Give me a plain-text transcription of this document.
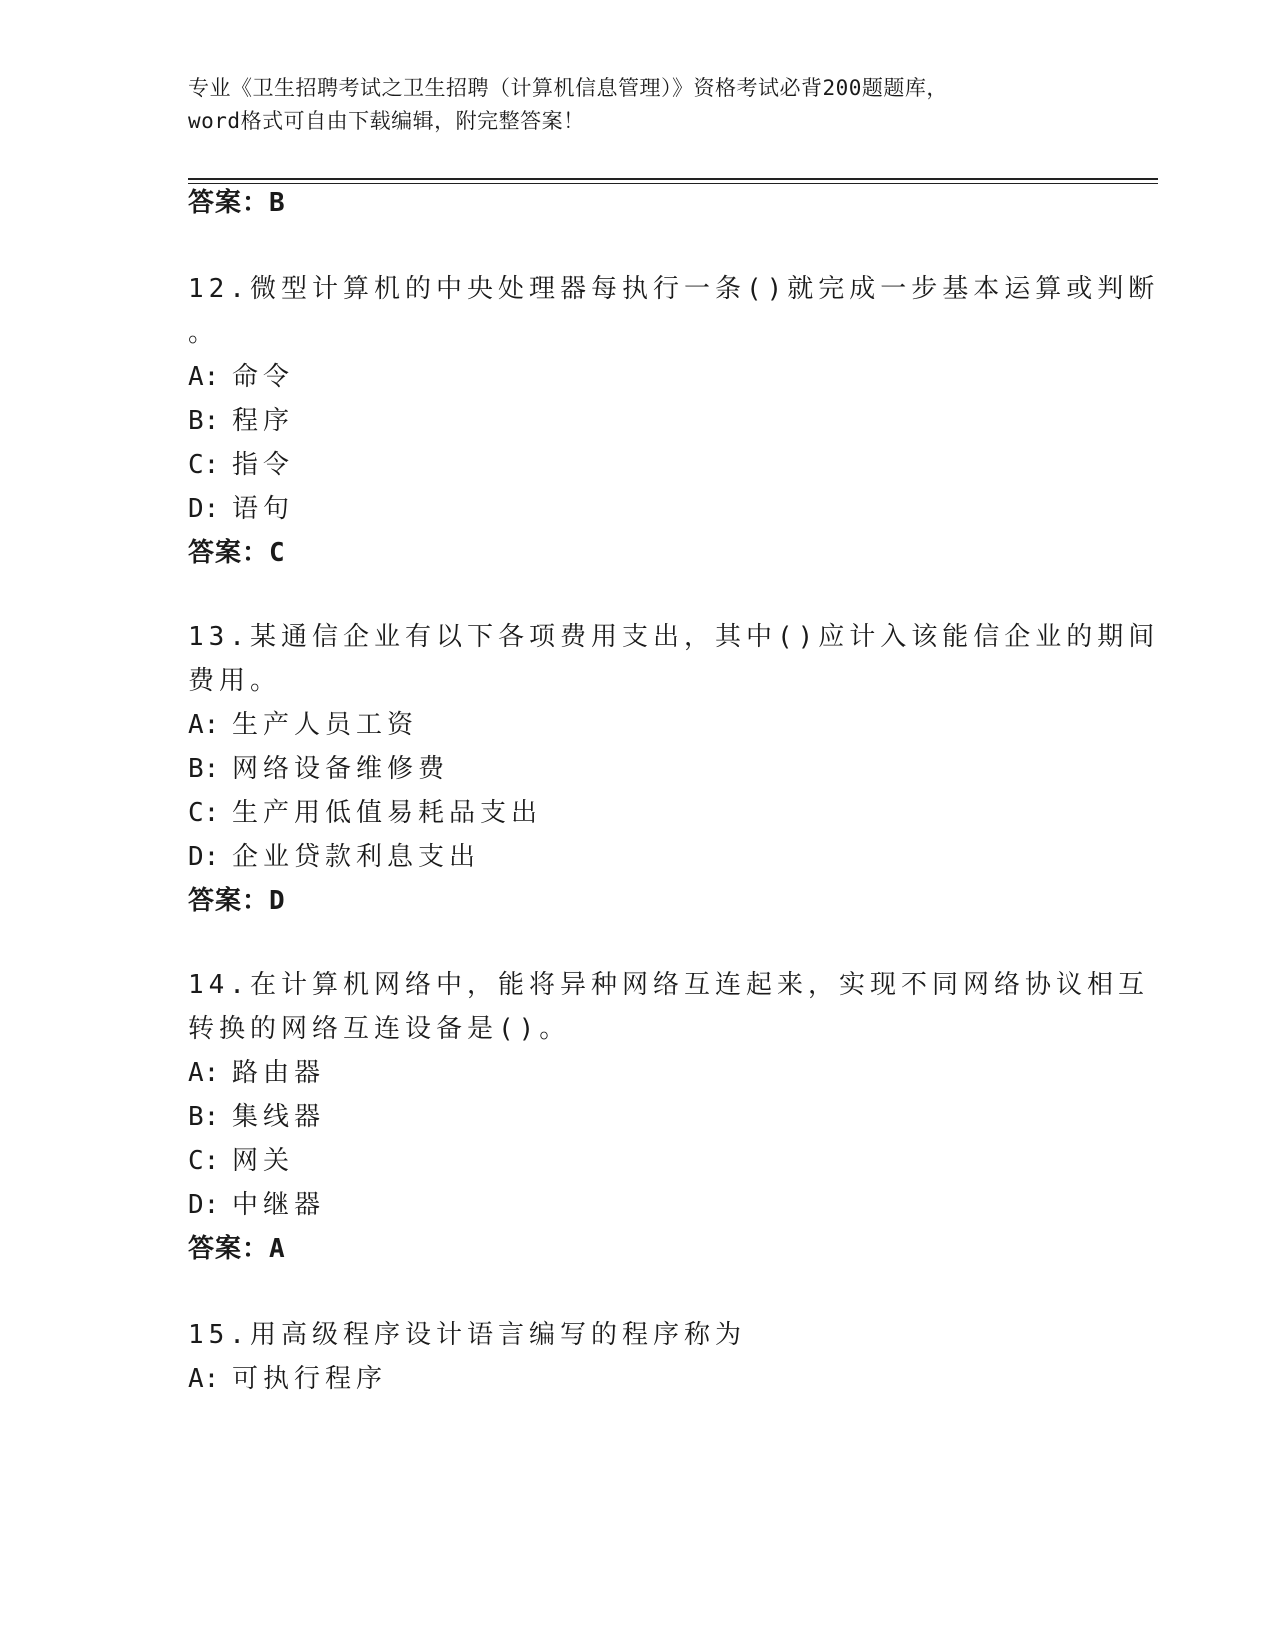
专业《卫生招聘考试之卫生招聘（计算机信息管理）》资格考试必背200题题库，
word格式可自由下载编辑，附完整答案！
答案：B
12.微型计算机的中央处理器每执行一条()就完成一步基本运算或判断
。
A: 命令
B: 程序
C: 指令
D: 语句
答案：C
13.某通信企业有以下各项费用支出，其中()应计入该能信企业的期间
费用。
A: 生产人员工资
B: 网络设备维修费
C: 生产用低值易耗品支出
D: 企业贷款利息支出
答案：D
14.在计算机网络中，能将异种网络互连起来，实现不同网络协议相互
转换的网络互连设备是()。
A: 路由器
B: 集线器
C: 网关
D: 中继器
答案：A
15.用高级程序设计语言编写的程序称为
A: 可执行程序
